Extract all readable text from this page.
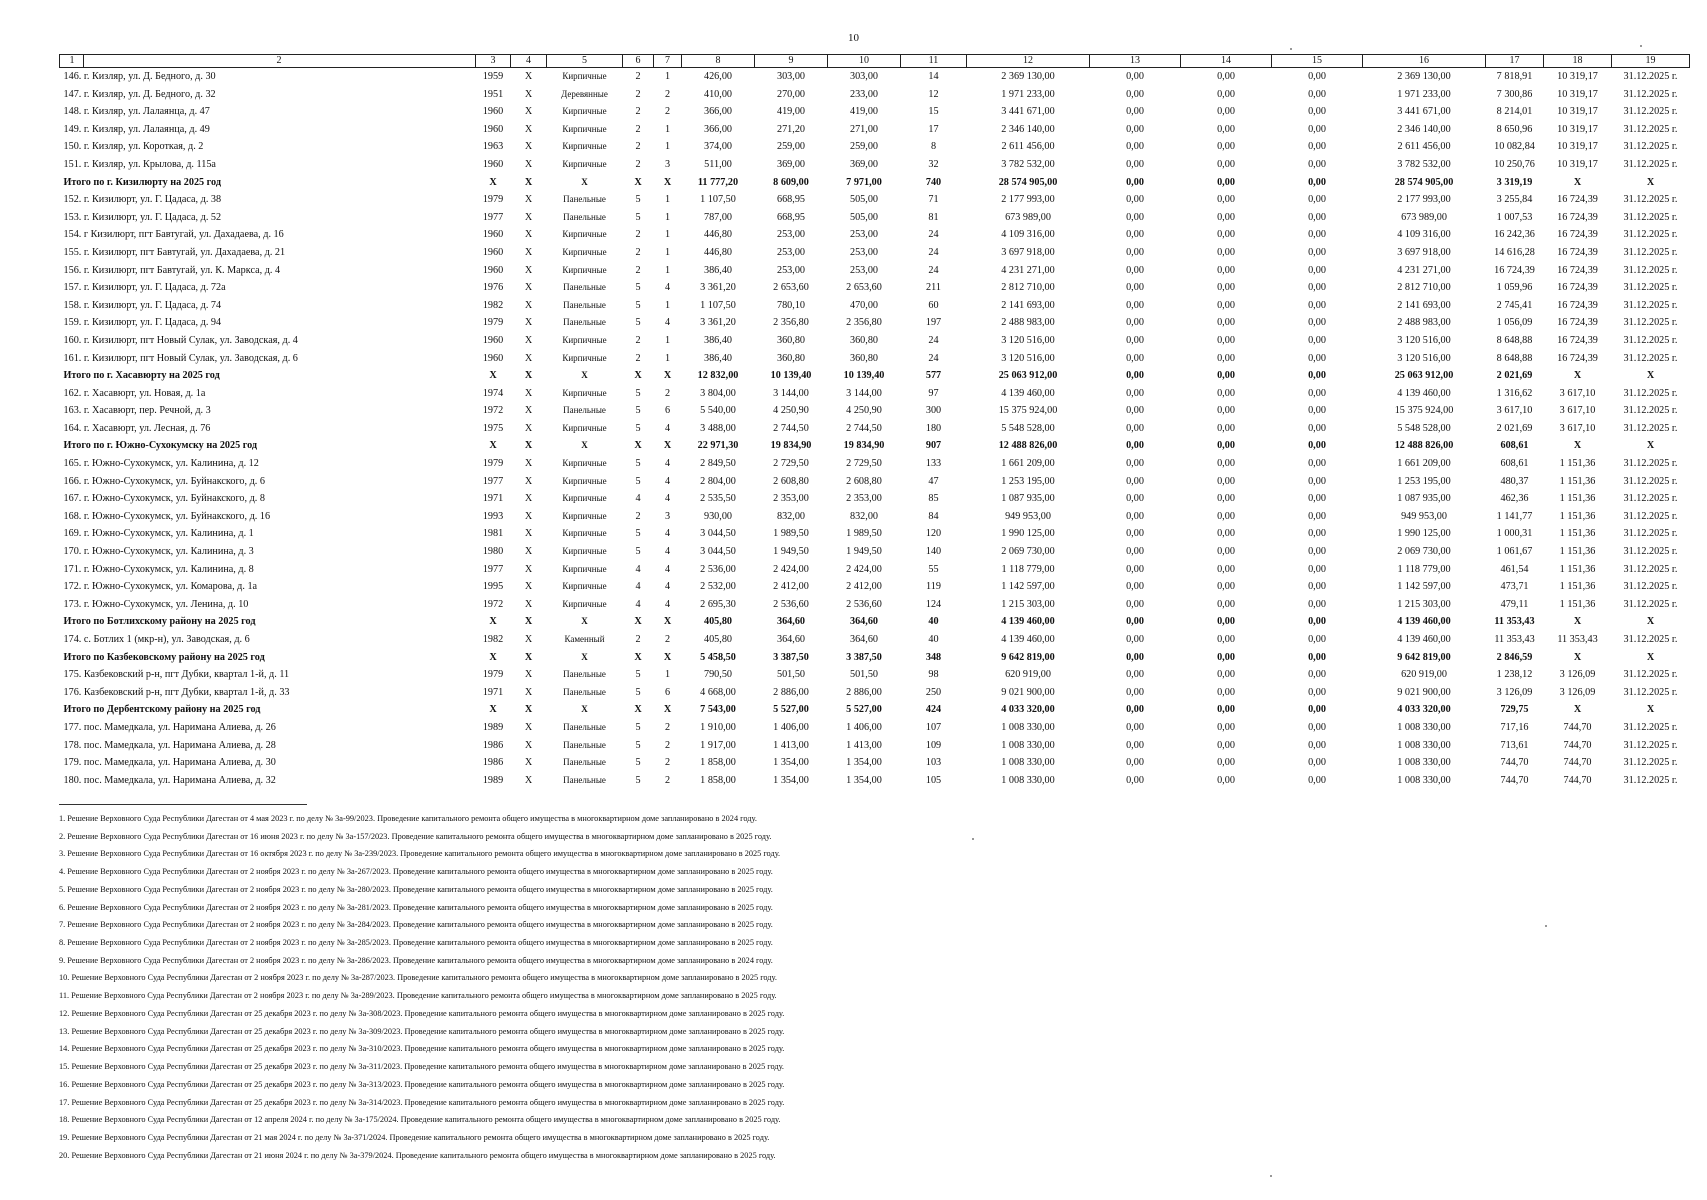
10
1 2	3	4	5	6	7	8	9	10	11	12	13	14	15	16	17	18	19
146. г. Кизляр, ул. Д. Бедного, д. 30	1959	X	Кирпичные	2	1	426,00	303,00	303,00	14	2 369 130,00	0,00	0,00	0,00	2 369 130,00	7 818,91	10 319,17	31.12.2025 г.
147. г. Кизляр, ул. Д. Бедного, д. 32	1951	X	Деревянные	2	2	410,00	270,00	233,00	12	1 971 233,00	0,00	0,00	0,00	1 971 233,00	7 300,86	10 319,17	31.12.2025 г.
148. г. Кизляр, ул. Лалаянца, д. 47	1960	X	Кирпичные	2	2	366,00	419,00	419,00	15	3 441 671,00	0,00	0,00	0,00	3 441 671,00	8 214,01	10 319,17	31.12.2025 г.
149. г. Кизляр, ул. Лалаянца, д. 49	1960	X	Кирпичные	2	1	366,00	271,20	271,00	17	2 346 140,00	0,00	0,00	0,00	2 346 140,00	8 650,96	10 319,17	31.12.2025 г.
150. г. Кизляр, ул. Короткая, д. 2	1963	X	Кирпичные	2	1	374,00	259,00	259,00	8	2 611 456,00	0,00	0,00	0,00	2 611 456,00	10 082,84	10 319,17	31.12.2025 г.
151. г. Кизляр, ул. Крылова, д. 115а	1960	X	Кирпичные	2	3	511,00	369,00	369,00	32	3 782 532,00	0,00	0,00	0,00	3 782 532,00	10 250,76	10 319,17	31.12.2025 г.
Итого по г. Кизилюрту на 2025 год	X	X	X	X	X	11 777,20	8 609,00	7 971,00	740	28 574 905,00	0,00	0,00	0,00	28 574 905,00	3 319,19	X	X
152. г. Кизилюрт, ул. Г. Цадаса, д. 38	1979	X	Панельные	5	1	1 107,50	668,95	505,00	71	2 177 993,00	0,00	0,00	0,00	2 177 993,00	3 255,84	16 724,39	31.12.2025 г.
153. г. Кизилюрт, ул. Г. Цадаса, д. 52	1977	X	Панельные	5	1	787,00	668,95	505,00	81	673 989,00	0,00	0,00	0,00	673 989,00	1 007,53	16 724,39	31.12.2025 г.
154. г Кизилюрт, пгт Бавтугай, ул. Дахадаева, д. 16	1960	X	Кирпичные	2	1	446,80	253,00	253,00	24	4 109 316,00	0,00	0,00	0,00	4 109 316,00	16 242,36	16 724,39	31.12.2025 г.
155. г. Кизилюрт, пгт Бавтугай, ул. Дахадаева, д. 21	1960	X	Кирпичные	2	1	446,80	253,00	253,00	24	3 697 918,00	0,00	0,00	0,00	3 697 918,00	14 616,28	16 724,39	31.12.2025 г.
156. г. Кизилюрт, пгт Бавтугай, ул. К. Маркса, д. 4	1960	X	Кирпичные	2	1	386,40	253,00	253,00	24	4 231 271,00	0,00	0,00	0,00	4 231 271,00	16 724,39	16 724,39	31.12.2025 г.
157. г. Кизилюрт, ул. Г. Цадаса, д. 72а	1976	X	Панельные	5	4	3 361,20	2 653,60	2 653,60	211	2 812 710,00	0,00	0,00	0,00	2 812 710,00	1 059,96	16 724,39	31.12.2025 г.
158. г. Кизилюрт, ул. Г. Цадаса, д. 74	1982	X	Панельные	5	1	1 107,50	780,10	470,00	60	2 141 693,00	0,00	0,00	0,00	2 141 693,00	2 745,41	16 724,39	31.12.2025 г.
159. г. Кизилюрт, ул. Г. Цадаса, д. 94	1979	X	Панельные	5	4	3 361,20	2 356,80	2 356,80	197	2 488 983,00	0,00	0,00	0,00	2 488 983,00	1 056,09	16 724,39	31.12.2025 г.
160. г. Кизилюрт, пгт Новый Сулак, ул. Заводская, д. 4	1960	X	Кирпичные	2	1	386,40	360,80	360,80	24	3 120 516,00	0,00	0,00	0,00	3 120 516,00	8 648,88	16 724,39	31.12.2025 г.
161. г. Кизилюрт, пгт Новый Сулак, ул. Заводская, д. 6	1960	X	Кирпичные	2	1	386,40	360,80	360,80	24	3 120 516,00	0,00	0,00	0,00	3 120 516,00	8 648,88	16 724,39	31.12.2025 г.
Итого по г. Хасавюрту на 2025 год	X	X	X	X	X	12 832,00	10 139,40	10 139,40	577	25 063 912,00	0,00	0,00	0,00	25 063 912,00	2 021,69	X	X
162. г. Хасавюрт, ул. Новая, д. 1а	1974	X	Кирпичные	5	2	3 804,00	3 144,00	3 144,00	97	4 139 460,00	0,00	0,00	0,00	4 139 460,00	1 316,62	3 617,10	31.12.2025 г.
163. г. Хасавюрт, пер. Речной, д. 3	1972	X	Панельные	5	6	5 540,00	4 250,90	4 250,90	300	15 375 924,00	0,00	0,00	0,00	15 375 924,00	3 617,10	3 617,10	31.12.2025 г.
164. г. Хасавюрт, ул. Лесная, д. 76	1975	X	Кирпичные	5	4	3 488,00	2 744,50	2 744,50	180	5 548 528,00	0,00	0,00	0,00	5 548 528,00	2 021,69	3 617,10	31.12.2025 г.
Итого по г. Южно-Сухокумску на 2025 год	X	X	X	X	X	22 971,30	19 834,90	19 834,90	907	12 488 826,00	0,00	0,00	0,00	12 488 826,00	608,61	X	X
165. г. Южно-Сухокумск, ул. Калинина, д. 12	1979	X	Кирпичные	5	4	2 849,50	2 729,50	2 729,50	133	1 661 209,00	0,00	0,00	0,00	1 661 209,00	608,61	1 151,36	31.12.2025 г.
166. г. Южно-Сухокумск, ул. Буйнакского, д. 6	1977	X	Кирпичные	5	4	2 804,00	2 608,80	2 608,80	47	1 253 195,00	0,00	0,00	0,00	1 253 195,00	480,37	1 151,36	31.12.2025 г.
167. г. Южно-Сухокумск, ул. Буйнакского, д. 8	1971	X	Кирпичные	4	4	2 535,50	2 353,00	2 353,00	85	1 087 935,00	0,00	0,00	0,00	1 087 935,00	462,36	1 151,36	31.12.2025 г.
168. г. Южно-Сухокумск, ул. Буйнакского, д. 16	1993	X	Кирпичные	2	3	930,00	832,00	832,00	84	949 953,00	0,00	0,00	0,00	949 953,00	1 141,77	1 151,36	31.12.2025 г.
169. г. Южно-Сухокумск, ул. Калинина, д. 1	1981	X	Кирпичные	5	4	3 044,50	1 989,50	1 989,50	120	1 990 125,00	0,00	0,00	0,00	1 990 125,00	1 000,31	1 151,36	31.12.2025 г.
170. г. Южно-Сухокумск, ул. Калинина, д. 3	1980	X	Кирпичные	5	4	3 044,50	1 949,50	1 949,50	140	2 069 730,00	0,00	0,00	0,00	2 069 730,00	1 061,67	1 151,36	31.12.2025 г.
171. г. Южно-Сухокумск, ул. Калинина, д. 8	1977	X	Кирпичные	4	4	2 536,00	2 424,00	2 424,00	55	1 118 779,00	0,00	0,00	0,00	1 118 779,00	461,54	1 151,36	31.12.2025 г.
172. г. Южно-Сухокумск, ул. Комарова, д. 1а	1995	X	Кирпичные	4	4	2 532,00	2 412,00	2 412,00	119	1 142 597,00	0,00	0,00	0,00	1 142 597,00	473,71	1 151,36	31.12.2025 г.
173. г. Южно-Сухокумск, ул. Ленина, д. 10	1972	X	Кирпичные	4	4	2 695,30	2 536,60	2 536,60	124	1 215 303,00	0,00	0,00	0,00	1 215 303,00	479,11	1 151,36	31.12.2025 г.
Итого по Ботлихскому району на 2025 год	X	X	X	X	X	405,80	364,60	364,60	40	4 139 460,00	0,00	0,00	0,00	4 139 460,00	11 353,43	X	X
174. с. Ботлих 1 (мкр-н), ул. Заводская, д. 6	1982	X	Каменный	2	2	405,80	364,60	364,60	40	4 139 460,00	0,00	0,00	0,00	4 139 460,00	11 353,43	11 353,43	31.12.2025 г.
Итого по Казбековскому району на 2025 год	X	X	X	X	X	5 458,50	3 387,50	3 387,50	348	9 642 819,00	0,00	0,00	0,00	9 642 819,00	2 846,59	X	X
175. Казбековский р-н, пгт Дубки, квартал 1-й, д. 11	1979	X	Панельные	5	1	790,50	501,50	501,50	98	620 919,00	0,00	0,00	0,00	620 919,00	1 238,12	3 126,09	31.12.2025 г.
176. Казбековский р-н, пгт Дубки, квартал 1-й, д. 33	1971	X	Панельные	5	6	4 668,00	2 886,00	2 886,00	250	9 021 900,00	0,00	0,00	0,00	9 021 900,00	3 126,09	3 126,09	31.12.2025 г.
Итого по Дербентскому району на 2025 год	X	X	X	X	X	7 543,00	5 527,00	5 527,00	424	4 033 320,00	0,00	0,00	0,00	4 033 320,00	729,75	X	X
177. пос. Мамедкала, ул. Наримана Алиева, д. 26	1989	X	Панельные	5	2	1 910,00	1 406,00	1 406,00	107	1 008 330,00	0,00	0,00	0,00	1 008 330,00	717,16	744,70	31.12.2025 г.
178. пос. Мамедкала, ул. Наримана Алиева, д. 28	1986	X	Панельные	5	2	1 917,00	1 413,00	1 413,00	109	1 008 330,00	0,00	0,00	0,00	1 008 330,00	713,61	744,70	31.12.2025 г.
179. пос. Мамедкала, ул. Наримана Алиева, д. 30	1986	X	Панельные	5	2	1 858,00	1 354,00	1 354,00	103	1 008 330,00	0,00	0,00	0,00	1 008 330,00	744,70	744,70	31.12.2025 г.
180. пос. Мамедкала, ул. Наримана Алиева, д. 32	1989	X	Панельные	5	2	1 858,00	1 354,00	1 354,00	105	1 008 330,00	0,00	0,00	0,00	1 008 330,00	744,70	744,70	31.12.2025 г.
1. Решение Верховного Суда Республики Дагестан от 4 мая 2023 г. по делу № 3а-99/2023. Проведение капитального ремонта общего имущества в многоквартирном доме запланировано в 2024 году.
2. Решение Верховного Суда Республики Дагестан от 16 июня 2023 г. по делу № 3а-157/2023. Проведение капитального ремонта общего имущества в многоквартирном доме запланировано в 2025 году.
3. Решение Верховного Суда Республики Дагестан от 16 октября 2023 г. по делу № 3а-239/2023. Проведение капитального ремонта общего имущества в многоквартирном доме запланировано в 2025 году.
4. Решение Верховного Суда Республики Дагестан от 2 ноября 2023 г. по делу № 3а-267/2023. Проведение капитального ремонта общего имущества в многоквартирном доме запланировано в 2025 году.
5. Решение Верховного Суда Республики Дагестан от 2 ноября 2023 г. по делу № 3а-280/2023. Проведение капитального ремонта общего имущества в многоквартирном доме запланировано в 2025 году.
6. Решение Верховного Суда Республики Дагестан от 2 ноября 2023 г. по делу № 3а-281/2023. Проведение капитального ремонта общего имущества в многоквартирном доме запланировано в 2025 году.
7. Решение Верховного Суда Республики Дагестан от 2 ноября 2023 г. по делу № 3а-284/2023. Проведение капитального ремонта общего имущества в многоквартирном доме запланировано в 2025 году.
8. Решение Верховного Суда Республики Дагестан от 2 ноября 2023 г. по делу № 3а-285/2023. Проведение капитального ремонта общего имущества в многоквартирном доме запланировано в 2025 году.
9. Решение Верховного Суда Республики Дагестан от 2 ноября 2023 г. по делу № 3а-286/2023. Проведение капитального ремонта общего имущества в многоквартирном доме запланировано в 2024 году.
10. Решение Верховного Суда Республики Дагестан от 2 ноября 2023 г. по делу № 3а-287/2023. Проведение капитального ремонта общего имущества в многоквартирном доме запланировано в 2025 году.
11. Решение Верховного Суда Республики Дагестан от 2 ноября 2023 г. по делу № 3а-289/2023. Проведение капитального ремонта общего имущества в многоквартирном доме запланировано в 2025 году.
12. Решение Верховного Суда Республики Дагестан от 25 декабря 2023 г. по делу № 3а-308/2023. Проведение капитального ремонта общего имущества в многоквартирном доме запланировано в 2025 году.
13. Решение Верховного Суда Республики Дагестан от 25 декабря 2023 г. по делу № 3а-309/2023. Проведение капитального ремонта общего имущества в многоквартирном доме запланировано в 2025 году.
14. Решение Верховного Суда Республики Дагестан от 25 декабря 2023 г. по делу № 3а-310/2023. Проведение капитального ремонта общего имущества в многоквартирном доме запланировано в 2025 году.
15. Решение Верховного Суда Республики Дагестан от 25 декабря 2023 г. по делу № 3а-311/2023. Проведение капитального ремонта общего имущества в многоквартирном доме запланировано в 2025 году.
16. Решение Верховного Суда Республики Дагестан от 25 декабря 2023 г. по делу № 3а-313/2023. Проведение капитального ремонта общего имущества в многоквартирном доме запланировано в 2025 году.
17. Решение Верховного Суда Республики Дагестан от 25 декабря 2023 г. по делу № 3а-314/2023. Проведение капитального ремонта общего имущества в многоквартирном доме запланировано в 2025 году.
18. Решение Верховного Суда Республики Дагестан от 12 апреля 2024 г. по делу № 3а-175/2024. Проведение капитального ремонта общего имущества в многоквартирном доме запланировано в 2025 году.
19. Решение Верховного Суда Республики Дагестан от 21 мая 2024 г. по делу № 3а-371/2024. Проведение капитального ремонта общего имущества в многоквартирном доме запланировано в 2025 году.
20. Решение Верховного Суда Республики Дагестан от 21 июня 2024 г. по делу № 3а-379/2024. Проведение капитального ремонта общего имущества в многоквартирном доме запланировано в 2025 году.
